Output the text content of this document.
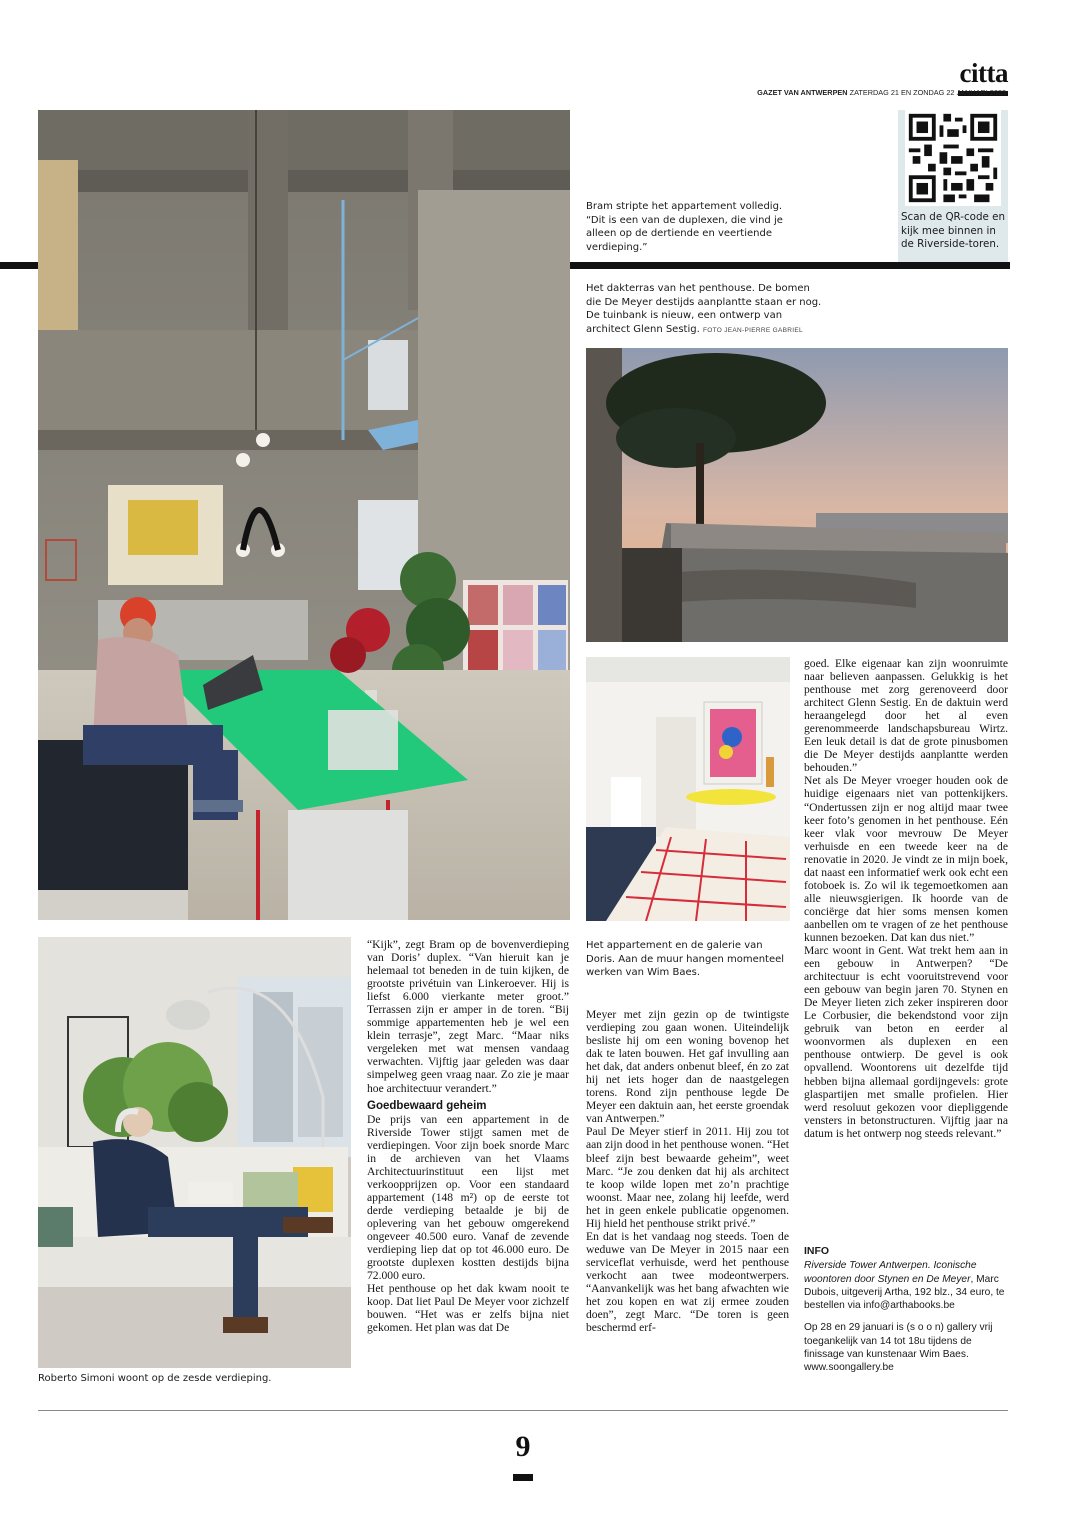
citta
GAZET VAN ANTWERPEN ZATERDAG 21 EN ZONDAG 22 JANUARI 2023
Bram stripte het appartement volledig. “Dit is een van de duplexen, die vind je alleen op de dertiende en veertiende verdieping.”
Scan de QR-code en kijk mee binnen in de Riverside-toren.
Het dakterras van het penthouse. De bomen die De Meyer destijds aanplantte staan er nog. De tuinbank is nieuw, een ontwerp van architect Glenn Sestig. FOTO JEAN-PIERRE GABRIEL
Het appartement en de galerie van Doris. Aan de muur hangen momenteel werken van Wim Baes.
Roberto Simoni woont op de zesde verdieping.

“Kijk”, zegt Bram op de bovenverdieping van Doris’ duplex. “Van hieruit kan je helemaal tot beneden in de tuin kijken, de grootste privétuin van Linkeroever. Hij is liefst 6.000 vierkante meter groot.” Terrassen zijn er amper in de toren. “Bij sommige appartementen heb je wel een klein terrasje”, zegt Marc. “Maar niks vergeleken met wat mensen vandaag verwachten. Vijftig jaar geleden was daar simpelweg geen vraag naar. Zo zie je maar hoe architectuur verandert.”

Goedbewaard geheim

De prijs van een appartement in de Riverside Tower stijgt samen met de verdiepingen. Voor zijn boek snorde Marc in de archieven van het Vlaams Architectuurinstituut een lijst met verkoopprijzen op. Voor een standaard appartement (148 m²) op de eerste tot derde verdieping betaalde je bij de oplevering van het gebouw omgerekend ongeveer 40.500 euro. Vanaf de zevende verdieping liep dat op tot 46.000 euro. De grootste duplexen kostten destijds bijna 72.000 euro.

Het penthouse op het dak kwam nooit te koop. Dat liet Paul De Meyer voor zichzelf bouwen. “Het was er zelfs bijna niet gekomen. Het plan was dat De

Meyer met zijn gezin op de twintigste verdieping zou gaan wonen. Uiteindelijk besliste hij om een woning bovenop het dak te laten bouwen. Het gaf invulling aan het dak, dat anders onbenut bleef, én zo zat hij net iets hoger dan de naastgelegen torens. Rond zijn penthouse legde De Meyer een daktuin aan, het eerste groendak van Antwerpen.”

Paul De Meyer stierf in 2011. Hij zou tot aan zijn dood in het penthouse wonen. “Het bleef zijn best bewaarde geheim”, weet Marc. “Je zou denken dat hij als architect te koop wilde lopen met zo’n prachtige woonst. Maar nee, zolang hij leefde, werd het in geen enkele publicatie opgenomen. Hij hield het penthouse strikt privé.”

En dat is het vandaag nog steeds. Toen de weduwe van De Meyer in 2015 naar een serviceflat verhuisde, werd het penthouse verkocht aan twee modeontwerpers. “Aanvankelijk was het bang afwachten wie het zou kopen en wat zij ermee zouden doen”, zegt Marc. “De toren is geen beschermd erf-

goed. Elke eigenaar kan zijn woonruimte naar believen aanpassen. Gelukkig is het penthouse met zorg gerenoveerd door architect Glenn Sestig. En de daktuin werd heraangelegd door het al even gerenommeerde landschapsbureau Wirtz. Een leuk detail is dat de grote pinusbomen die De Meyer destijds aanplantte werden behouden.”

Net als De Meyer vroeger houden ook de huidige eigenaars niet van pottenkijkers. “Ondertussen zijn er nog altijd maar twee keer foto’s genomen in het penthouse. Eén keer vlak voor mevrouw De Meyer verhuisde en een tweede keer na de renovatie in 2020. Je vindt ze in mijn boek, dat naast een informatief werk ook echt een fotoboek is. Zo wil ik tegemoetkomen aan alle nieuwsgierigen. Ik hoorde van de conciërge dat hier soms mensen komen aanbellen om te vragen of ze het penthouse kunnen bezoeken. Dat kan dus niet.”

Marc woont in Gent. Wat trekt hem aan in een gebouw in Antwerpen? “De architectuur is echt vooruitstrevend voor een gebouw van begin jaren 70. Stynen en De Meyer lieten zich zeker inspireren door Le Corbusier, die bekendstond voor zijn gebruik van beton en eerder al woonvormen als duplexen en een penthouse ontwierp. De gevel is ook opvallend. Woontorens uit dezelfde tijd hebben bijna allemaal gordijngevels: grote glaspartijen met smalle profielen. Hier werd resoluut gekozen voor diepliggende vensters in betonstructuren. Vijftig jaar na datum is het ontwerp nog steeds relevant.”

INFO
Riverside Tower Antwerpen. Iconische woontoren door Stynen en De Meyer, Marc Dubois, uitgeverij Artha, 192 blz., 34 euro, te bestellen via info@arthabooks.be
Op 28 en 29 januari is (s o o n) gallery vrij toegankelijk van 14 tot 18u tijdens de finissage van kunstenaar Wim Baes. www.soongallery.be
9
